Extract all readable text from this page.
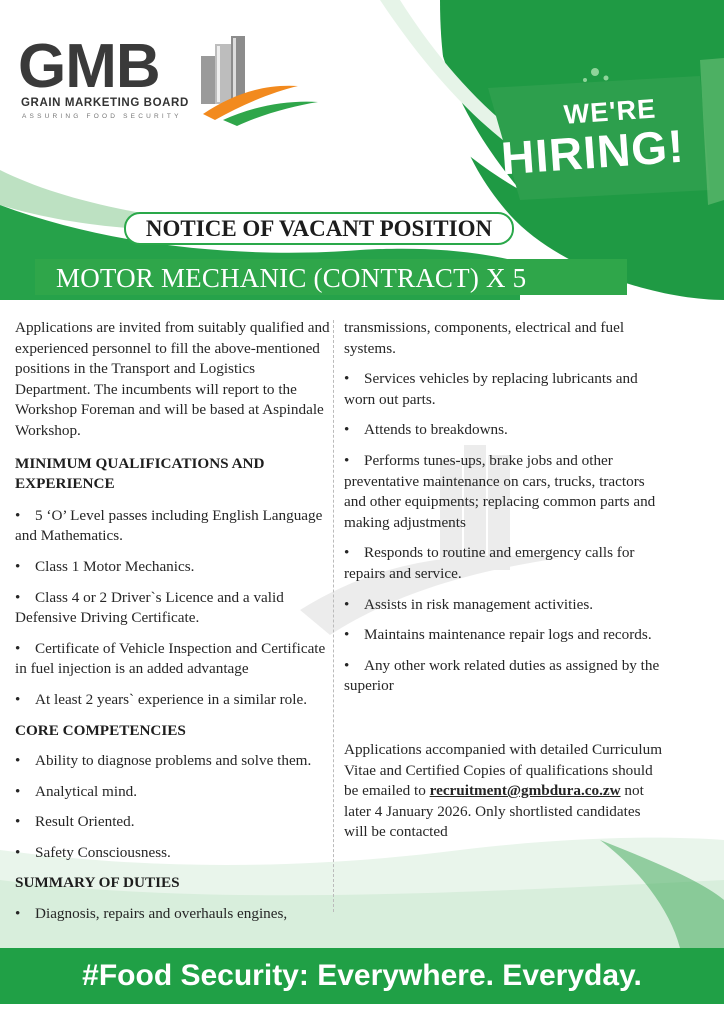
GMB
GRAIN MARKETING BOARD
ASSURING FOOD SECURITY	WE'RE
HIRING!
NOTICE OF VACANT POSITION
MOTOR MECHANIC (CONTRACT) X 5

Applications are invited from suitably qualified and experienced personnel to fill the above-mentioned positions in the Transport and Logistics Department. The incumbents will report to the Workshop Foreman and will be based at Aspindale Workshop.

MINIMUM QUALIFICATIONS AND EXPERIENCE

• 5 ‘O’ Level passes including English Language and Mathematics.

• Class 1 Motor Mechanics.

• Class 4 or 2 Driver`s Licence and a valid Defensive Driving Certificate.

• Certificate of Vehicle Inspection and Certificate in fuel injection is an added advantage

• At least 2 years` experience in a similar role.

CORE COMPETENCIES

• Ability to diagnose problems and solve them.

• Analytical mind.

• Result Oriented.

• Safety Consciousness.

SUMMARY OF DUTIES

• Diagnosis, repairs and overhauls engines,

transmissions, components, electrical and fuel systems.

• Services vehicles by replacing lubricants and worn out parts.

• Attends to breakdowns.

• Performs tunes-ups, brake jobs and other preventative maintenance on cars, trucks, tractors and other equipments; replacing common parts and making adjustments

• Responds to routine and emergency calls for repairs and service.

• Assists in risk management activities.

• Maintains maintenance repair logs and records.

• Any other work related duties as assigned by the superior

Applications accompanied with detailed Curriculum Vitae and Certified Copies of qualifications should be emailed to recruitment@gmbdura.co.zw not later 4 January 2026. Only shortlisted candidates will be contacted

#Food Security: Everywhere. Everyday.
